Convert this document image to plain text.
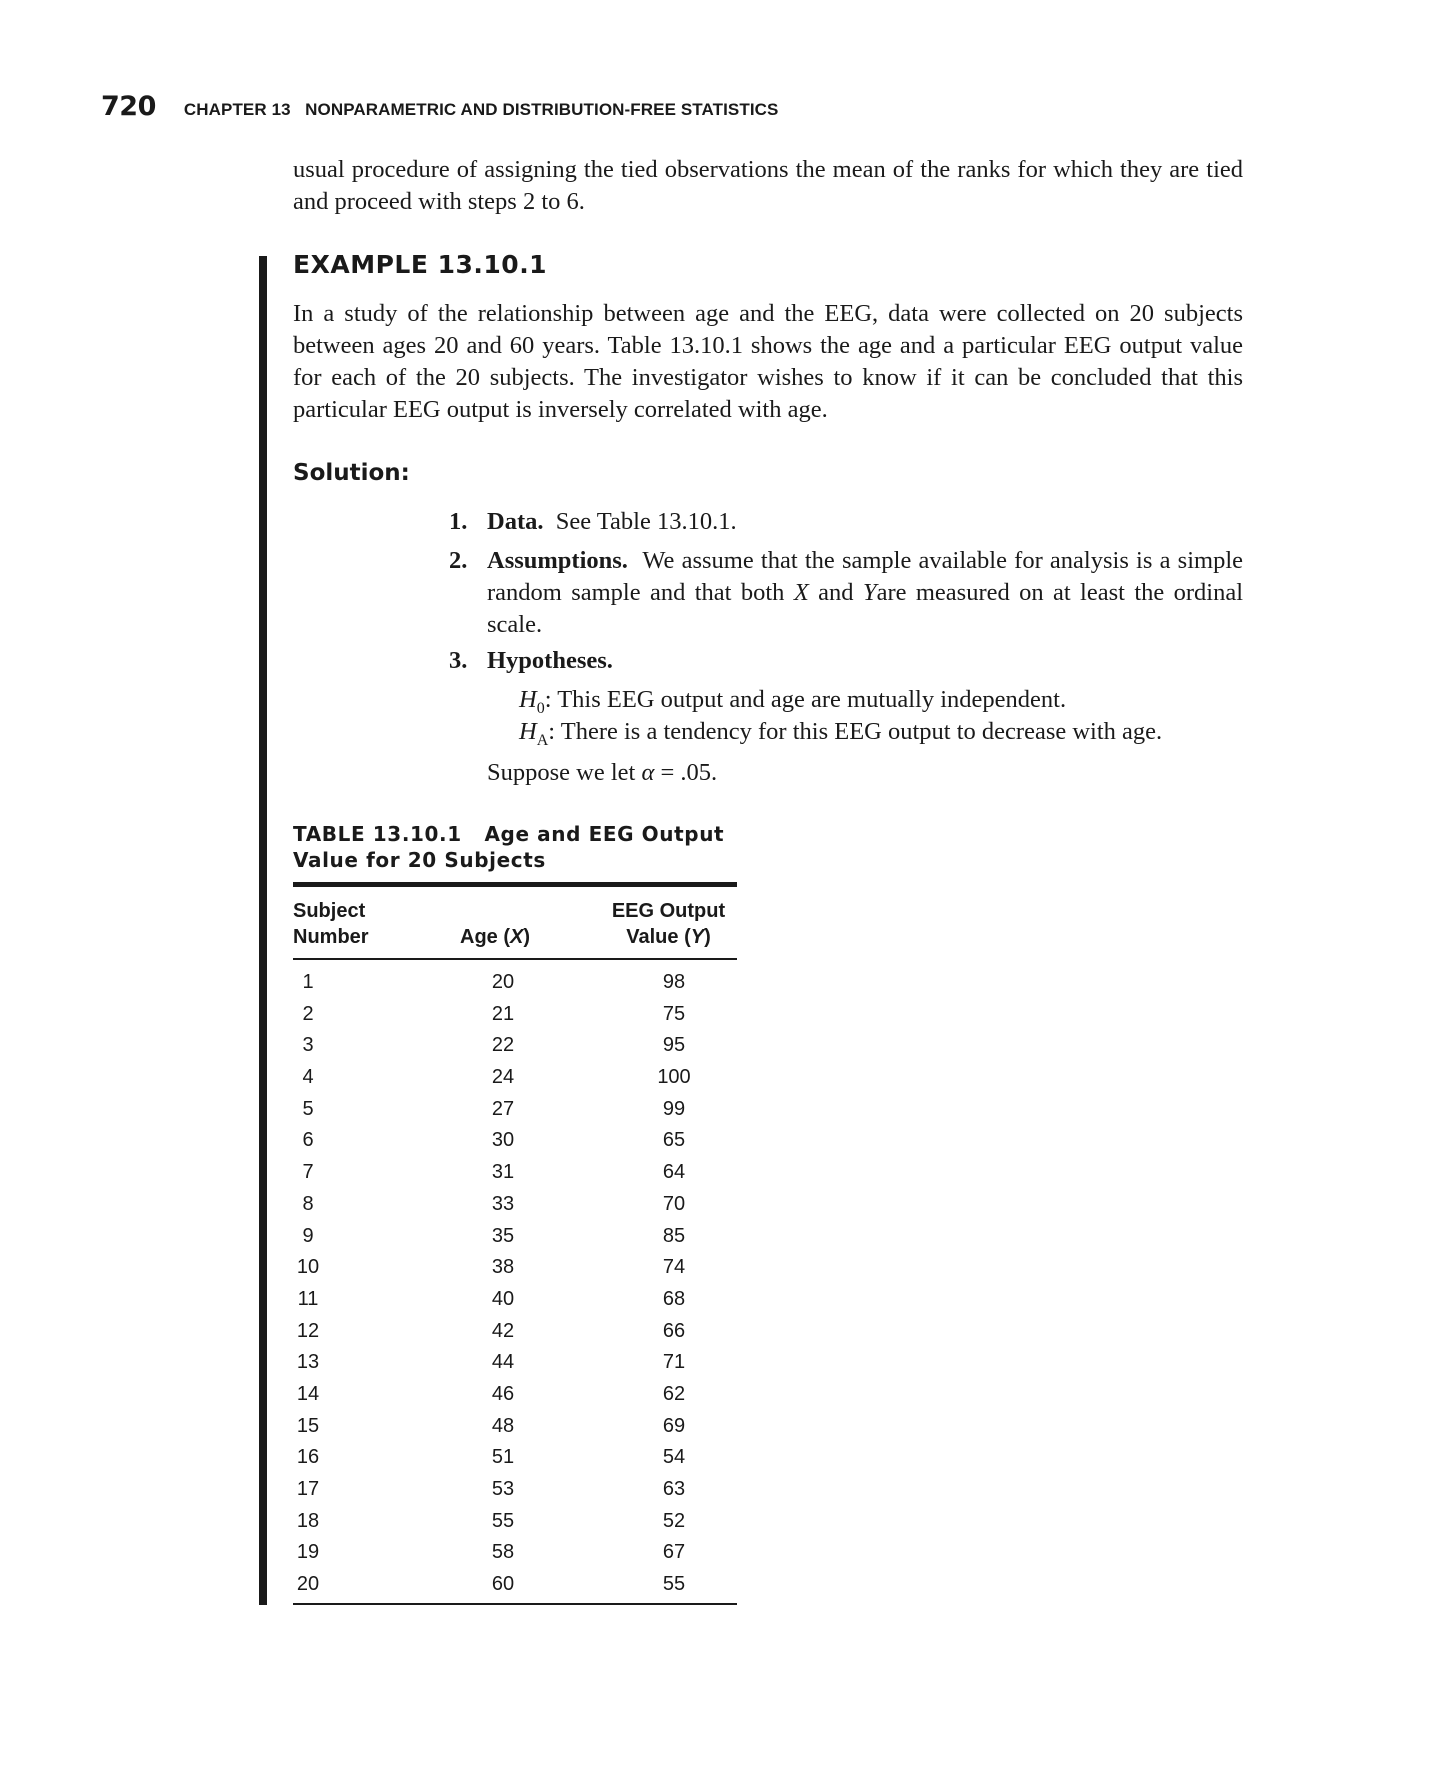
720 CHAPTER 13   NONPARAMETRIC AND DISTRIBUTION-FREE STATISTICS

usual procedure of assigning the tied observations the mean of the ranks for which they are tied and proceed with steps 2 to 6.

EXAMPLE 13.10.1

In a study of the relationship between age and the EEG, data were collected on 20 subjects between ages 20 and 60 years. Table 13.10.1 shows the age and a particular EEG output value for each of the 20 subjects. The investigator wishes to know if it can be concluded that this particular EEG output is inversely correlated with age.

Solution:
1. Data. See Table 13.10.1.
2. Assumptions. We assume that the sample available for analysis is a simple random sample and that both X and Yare measured on at least the ordinal scale.
3. Hypotheses.
$H_0$: This EEG output and age are mutually independent.
$H_A$: There is a tendency for this EEG output to decrease with age.
Suppose we let α = .05.
TABLE 13.10.1   Age and EEG Output
Value for 20 Subjects
Subject
Number	Age (X)
EEG Output
Value (Y)
1	20	98
2	21	75
3	22	95
4	24	100
5	27	99
6	30	65
7	31	64
8	33	70
9	35	85
10	38	74
11	40	68
12	42	66
13	44	71
14	46	62
15	48	69
16	51	54
17	53	63
18	55	52
19	58	67
20	60	55
